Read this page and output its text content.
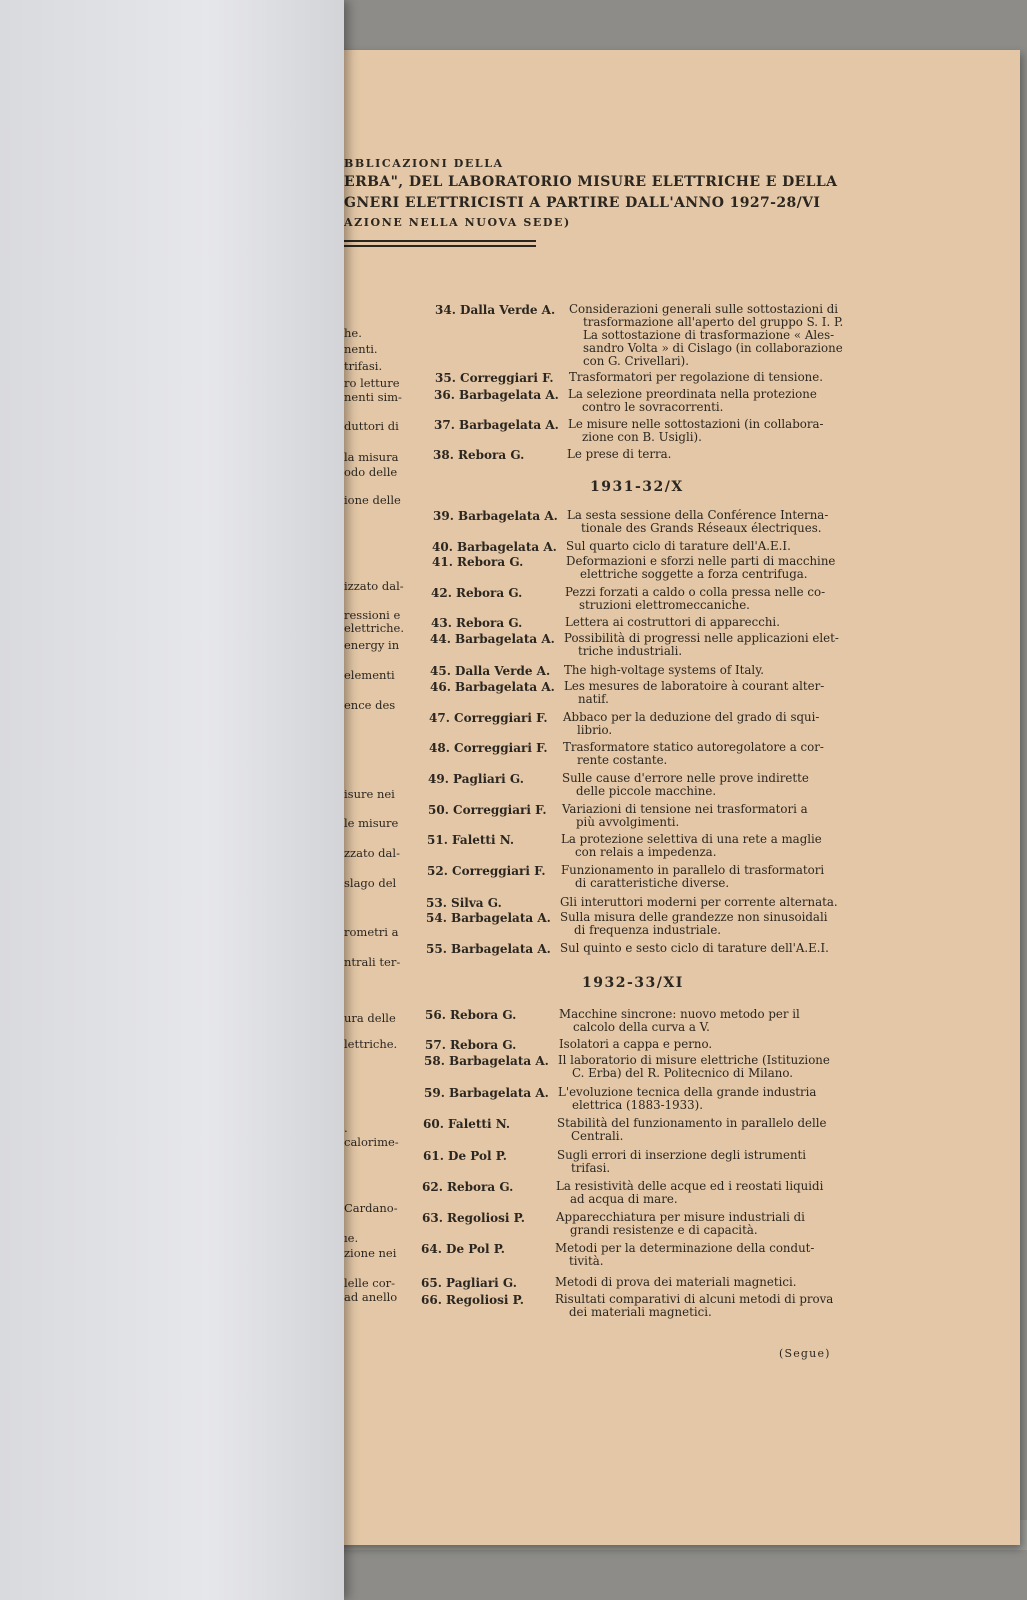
BBLICAZIONI DELLA
ERBA", DEL LABORATORIO MISURE ELETTRICHE E DELLA
GNERI ELETTRICISTI A PARTIRE DALL'ANNO 1927-28/VI
AZIONE NELLA NUOVA SEDE)
he.
nenti.
trifasi.
ro letture
nenti sim-
duttori di
la misura
odo delle
ione delle
izzato dal-
ressioni e
elettriche.
energy in
elementi
ence des
isure nei
le misure
zzato dal-
slago del
rometri a
ntrali ter-
ura delle
lettriche.
.
calorime-
Cardano-
ıe.
zione nei
lelle cor-
ad anello
1931-32/X
1932-33/XI
34. Dalla Verde A. Considerazioni generali sulle sottostazioni di
trasformazione all'aperto del gruppo S. I. P.
La sottostazione di trasformazione « Ales-
sandro Volta » di Cislago (in collaborazione
con G. Crivellari).
35. Correggiari F. Trasformatori per regolazione di tensione.
36. Barbagelata A. La selezione preordinata nella protezione
contro le sovracorrenti.
37. Barbagelata A. Le misure nelle sottostazioni (in collabora-
zione con B. Usigli).
38. Rebora G.	Le prese di terra.
39. Barbagelata A. La sesta sessione della Conférence Interna-
tionale des Grands Réseaux électriques.
40. Barbagelata A. Sul quarto ciclo di tarature dell'A.E.I.
41. Rebora G.	Deformazioni e sforzi nelle parti di macchine
elettriche soggette a forza centrifuga.
42. Rebora G.	Pezzi forzati a caldo o colla pressa nelle co-
struzioni elettromeccaniche.
43. Rebora G.	Lettera ai costruttori di apparecchi.
44. Barbagelata A. Possibilità di progressi nelle applicazioni elet-
triche industriali.
45. Dalla Verde A. The high-voltage systems of Italy.
46. Barbagelata A. Les mesures de laboratoire à courant alter-
natif.
47. Correggiari F. Abbaco per la deduzione del grado di squi-
librio.
48. Correggiari F. Trasformatore statico autoregolatore a cor-
rente costante.
49. Pagliari G.	Sulle cause d'errore nelle prove indirette
delle piccole macchine.
50. Correggiari F. Variazioni di tensione nei trasformatori a
più avvolgimenti.
51. Faletti N.	La protezione selettiva di una rete a maglie
con relais a impedenza.
52. Correggiari F. Funzionamento in parallelo di trasformatori
di caratteristiche diverse.
53. Silva G.	Gli interuttori moderni per corrente alternata.
54. Barbagelata A. Sulla misura delle grandezze non sinusoidali
di frequenza industriale.
55. Barbagelata A. Sul quinto e sesto ciclo di tarature dell'A.E.I.
56. Rebora G.	Macchine sincrone: nuovo metodo per il
calcolo della curva a V.
57. Rebora G.	Isolatori a cappa e perno.
58. Barbagelata A. Il laboratorio di misure elettriche (Istituzione
C. Erba) del R. Politecnico di Milano.
59. Barbagelata A. L'evoluzione tecnica della grande industria
elettrica (1883-1933).
60. Faletti N.	Stabilità del funzionamento in parallelo delle
Centrali.
61. De Pol P.	Sugli errori di inserzione degli istrumenti
trifasi.
62. Rebora G.	La resistività delle acque ed i reostati liquidi
ad acqua di mare.
63. Regoliosi P.	Apparecchiatura per misure industriali di
grandi resistenze e di capacità.
64. De Pol P.	Metodi per la determinazione della condut-
tività.
65. Pagliari G.	Metodi di prova dei materiali magnetici.
66. Regoliosi P.	Risultati comparativi di alcuni metodi di prova
dei materiali magnetici.
(Segue)
